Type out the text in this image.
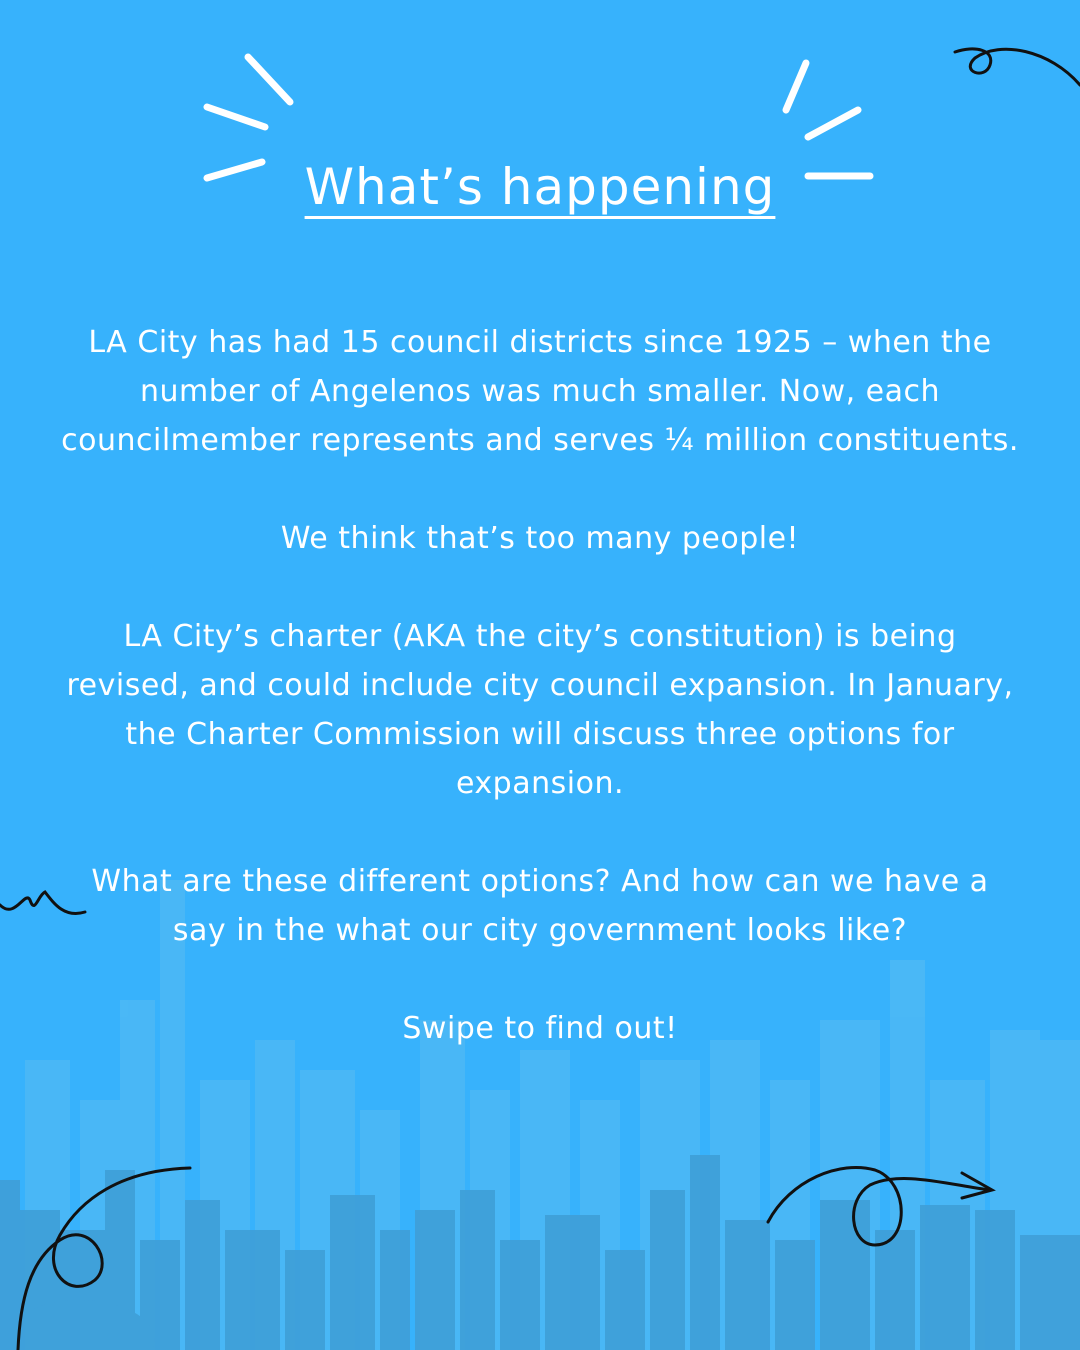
What’s happening

LA City has had 15 council districts since 1925 – when the number of Angelenos was much smaller. Now, each councilmember represents and serves ¼ million constituents.

We think that’s too many people!

LA City’s charter (AKA the city’s constitution) is being revised, and could include city council expansion. In January, the Charter Commission will discuss three options for expansion.

What are these different options? And how can we have a say in the what our city government looks like?

Swipe to find out!
